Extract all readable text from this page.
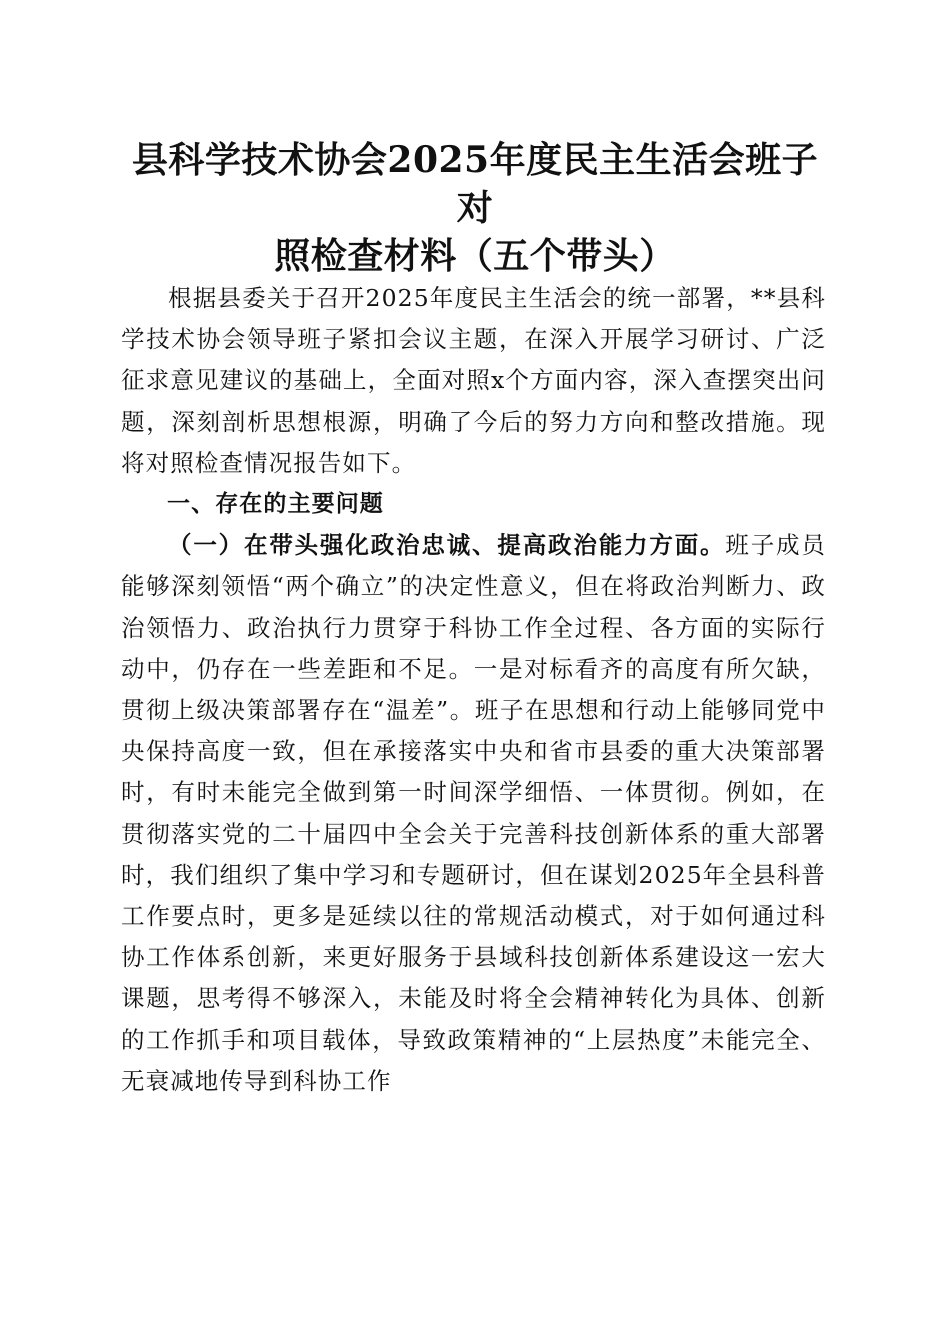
县科学技术协会2025年度民主生活会班子对
照检查材料（五个带头）

根据县委关于召开2025年度民主生活会的统一部署，**县科学技术协会领导班子紧扣会议主题，在深入开展学习研讨、广泛征求意见建议的基础上，全面对照x个方面内容，深入查摆突出问题，深刻剖析思想根源，明确了今后的努力方向和整改措施。现将对照检查情况报告如下。

一、存在的主要问题

（一）在带头强化政治忠诚、提高政治能力方面。班子成员能够深刻领悟“两个确立”的决定性意义，但在将政治判断力、政治领悟力、政治执行力贯穿于科协工作全过程、各方面的实际行动中，仍存在一些差距和不足。一是对标看齐的高度有所欠缺，贯彻上级决策部署存在“温差”。班子在思想和行动上能够同党中央保持高度一致，但在承接落实中央和省市县委的重大决策部署时，有时未能完全做到第一时间深学细悟、一体贯彻。例如，在贯彻落实党的二十届四中全会关于完善科技创新体系的重大部署时，我们组织了集中学习和专题研讨，但在谋划2025年全县科普工作要点时，更多是延续以往的常规活动模式，对于如何通过科协工作体系创新，来更好服务于县域科技创新体系建设这一宏大课题，思考得不够深入，未能及时将全会精神转化为具体、创新的工作抓手和项目载体，导致政策精神的“上层热度”未能完全、无衰减地传导到科协工作
